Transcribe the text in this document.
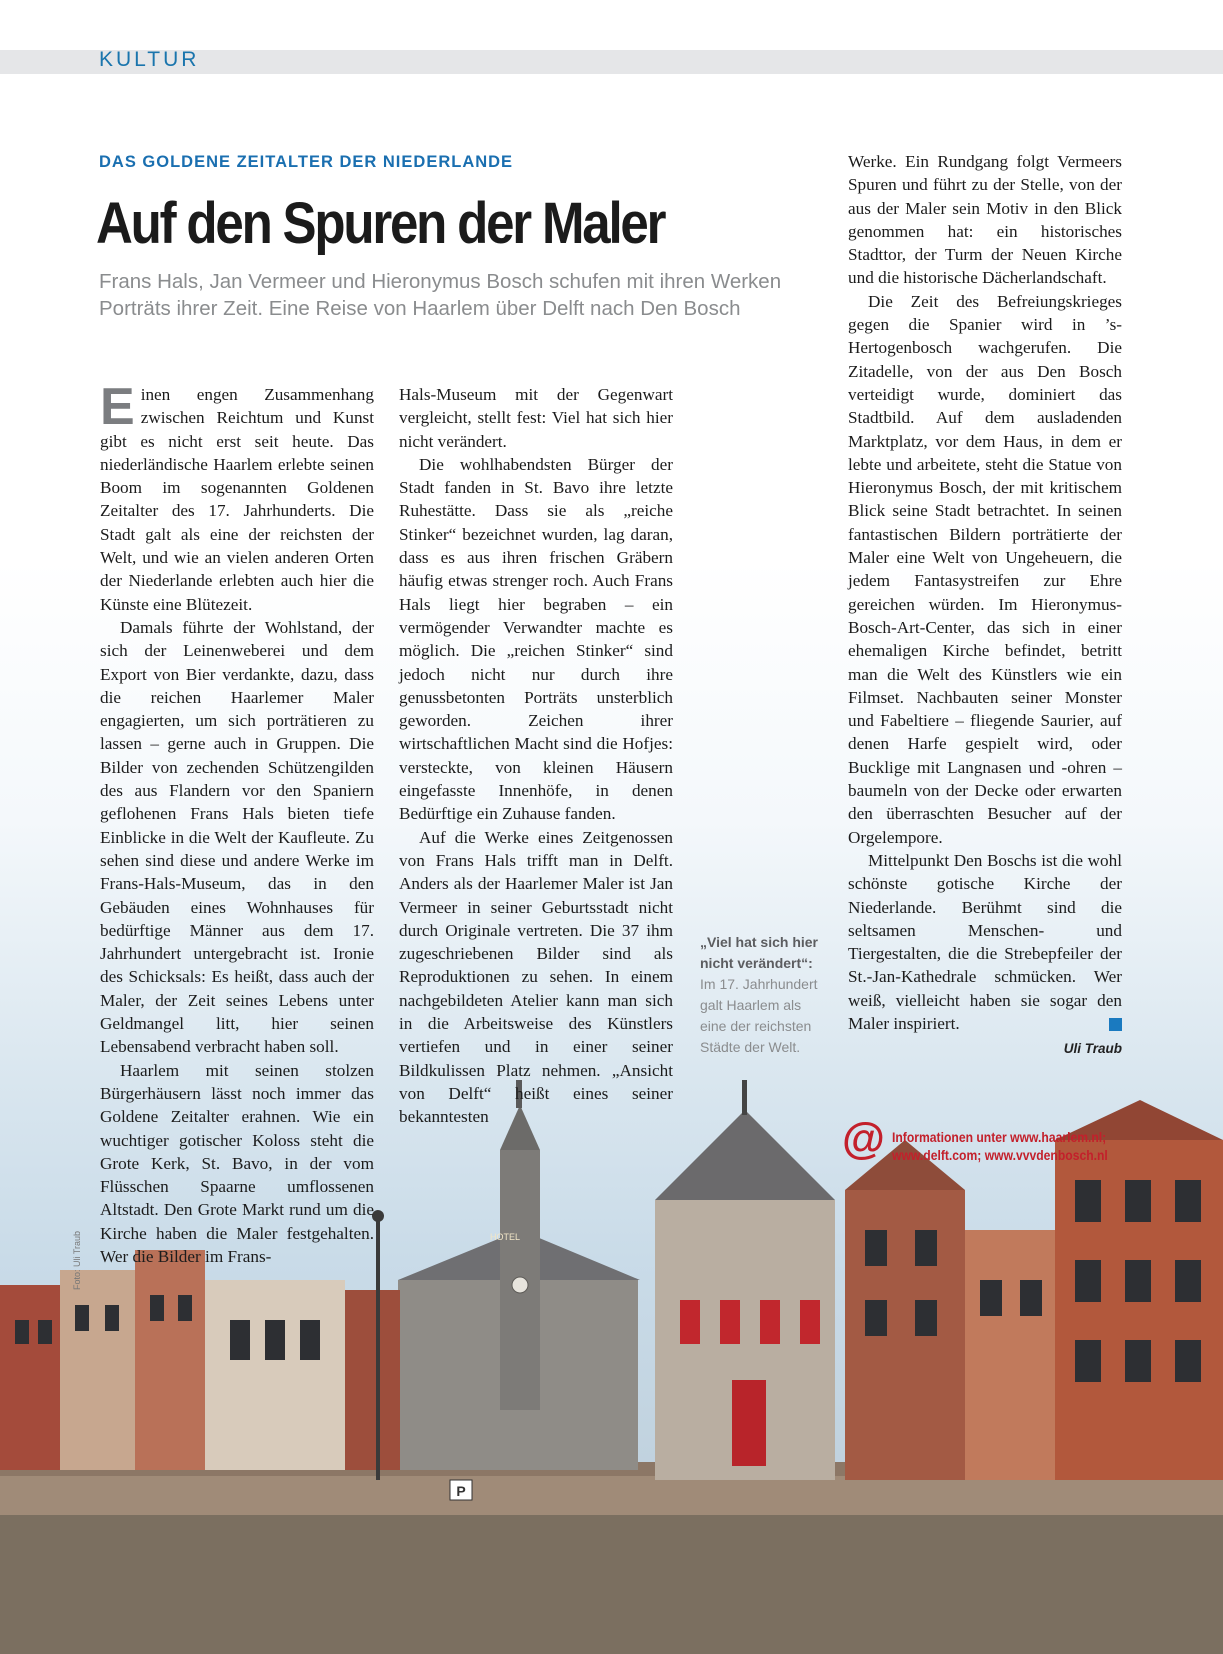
KULTUR
DAS GOLDENE ZEITALTER DER NIEDERLANDE
Auf den Spuren der Maler
Frans Hals, Jan Vermeer und Hieronymus Bosch schufen mit ihren Werken Porträts ihrer Zeit. Eine Reise von Haarlem über Delft nach Den Bosch
P
HOTEL
Foto: Uli Traub

Einen engen Zusammenhang zwischen Reichtum und Kunst gibt es nicht erst seit heute. Das niederländische Haarlem erlebte seinen Boom im sogenannten Goldenen Zeitalter des 17. Jahrhunderts. Die Stadt galt als eine der reichsten der Welt, und wie an vielen anderen Orten der Niederlande erlebten auch hier die Künste eine Blütezeit.

Damals führte der Wohlstand, der sich der Leinenweberei und dem Export von Bier verdankte, dazu, dass die reichen Haarlemer Maler engagierten, um sich porträtieren zu lassen – gerne auch in Gruppen. Die Bilder von zechenden Schützengilden des aus Flandern vor den Spaniern geflohenen Frans Hals bieten tiefe Einblicke in die Welt der Kaufleute. Zu sehen sind diese und andere Werke im Frans-Hals-Museum, das in den Gebäuden eines Wohnhauses für bedürftige Männer aus dem 17. Jahrhundert untergebracht ist. Ironie des Schicksals: Es heißt, dass auch der Maler, der Zeit seines Lebens unter Geldmangel litt, hier seinen Lebensabend verbracht haben soll.

Haarlem mit seinen stolzen Bürgerhäusern lässt noch immer das Goldene Zeitalter erahnen. Wie ein wuchtiger gotischer Koloss steht die Grote Kerk, St. Bavo, in der vom Flüsschen Spaarne umflossenen Altstadt. Den Grote Markt rund um die Kirche haben die Maler festgehalten. Wer die Bilder im Frans-

Hals-Museum mit der Gegenwart vergleicht, stellt fest: Viel hat sich hier nicht verändert.

Die wohlhabendsten Bürger der Stadt fanden in St. Bavo ihre letzte Ruhestätte. Dass sie als „reiche Stinker“ bezeichnet wurden, lag daran, dass es aus ihren frischen Gräbern häufig etwas strenger roch. Auch Frans Hals liegt hier begraben – ein vermögender Verwandter machte es möglich. Die „reichen Stinker“ sind jedoch nicht nur durch ihre genussbetonten Porträts unsterblich geworden. Zeichen ihrer wirtschaftlichen Macht sind die Hofjes: versteckte, von kleinen Häusern eingefasste Innenhöfe, in denen Bedürftige ein Zuhause fanden.

Auf die Werke eines Zeitgenossen von Frans Hals trifft man in Delft. Anders als der Haarlemer Maler ist Jan Vermeer in seiner Geburtsstadt nicht durch Originale vertreten. Die 37 ihm zugeschriebenen Bilder sind als Reproduktionen zu sehen. In einem nachgebildeten Atelier kann man sich in die Arbeitsweise des Künstlers vertiefen und in einer seiner Bildkulissen Platz nehmen. „Ansicht von Delft“ heißt eines seiner bekanntesten

Werke. Ein Rundgang folgt Vermeers Spuren und führt zu der Stelle, von der aus der Maler sein Motiv in den Blick genommen hat: ein historisches Stadttor, der Turm der Neuen Kirche und die historische Dächerlandschaft.

Die Zeit des Befreiungskrieges gegen die Spanier wird in ’s-Hertogenbosch wachgerufen. Die Zitadelle, von der aus Den Bosch verteidigt wurde, dominiert das Stadtbild. Auf dem ausladenden Marktplatz, vor dem Haus, in dem er lebte und arbeitete, steht die Statue von Hieronymus Bosch, der mit kritischem Blick seine Stadt betrachtet. In seinen fantastischen Bildern porträtierte der Maler eine Welt von Ungeheuern, die jedem Fantasystreifen zur Ehre gereichen würden. Im Hieronymus-Bosch-Art-Center, das sich in einer ehemaligen Kirche befindet, betritt man die Welt des Künstlers wie ein Filmset. Nachbauten seiner Monster und Fabeltiere – fliegende Saurier, auf denen Harfe gespielt wird, oder Bucklige mit Langnasen und -ohren – baumeln von der Decke oder erwarten den überraschten Besucher auf der Orgelempore.

Mittelpunkt Den Boschs ist die wohl schönste gotische Kirche der Niederlande. Berühmt sind die seltsamen Menschen- und Tiergestalten, die die Strebepfeiler der St.-Jan-Kathedrale schmücken. Wer weiß, vielleicht haben sie sogar den Maler inspiriert.

Uli Traub
„Viel hat sich hier nicht verändert“: Im 17. Jahrhundert galt Haarlem als eine der reichsten Städte der Welt.
@ Informationen unter www.haarlem.nl;
www.delft.com; www.vvvdenbosch.nl
